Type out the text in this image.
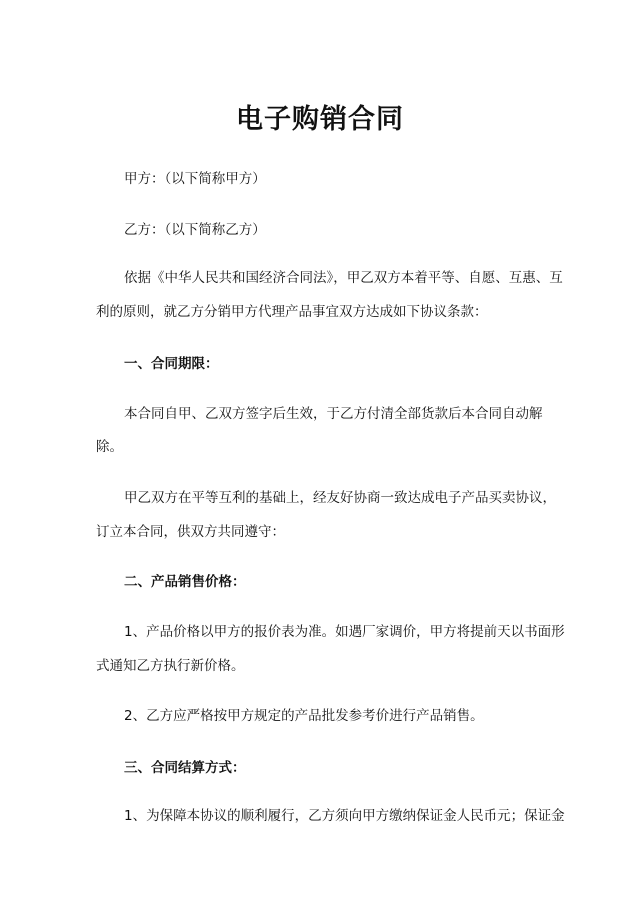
电子购销合同
甲方：（以下简称甲方）
乙方：（以下简称乙方）
依据《中华人民共和国经济合同法》，甲乙双方本着平等、自愿、互惠、互
利的原则，就乙方分销甲方代理产品事宜双方达成如下协议条款：
一、合同期限：
本合同自甲、乙双方签字后生效，于乙方付清全部货款后本合同自动解
除。
甲乙双方在平等互利的基础上，经友好协商一致达成电子产品买卖协议，
订立本合同，供双方共同遵守：
二、产品销售价格：
1、产品价格以甲方的报价表为准。如遇厂家调价，甲方将提前天以书面形
式通知乙方执行新价格。
2、乙方应严格按甲方规定的产品批发参考价进行产品销售。
三、合同结算方式：
1、为保障本协议的顺利履行，乙方须向甲方缴纳保证金人民币元；保证金
